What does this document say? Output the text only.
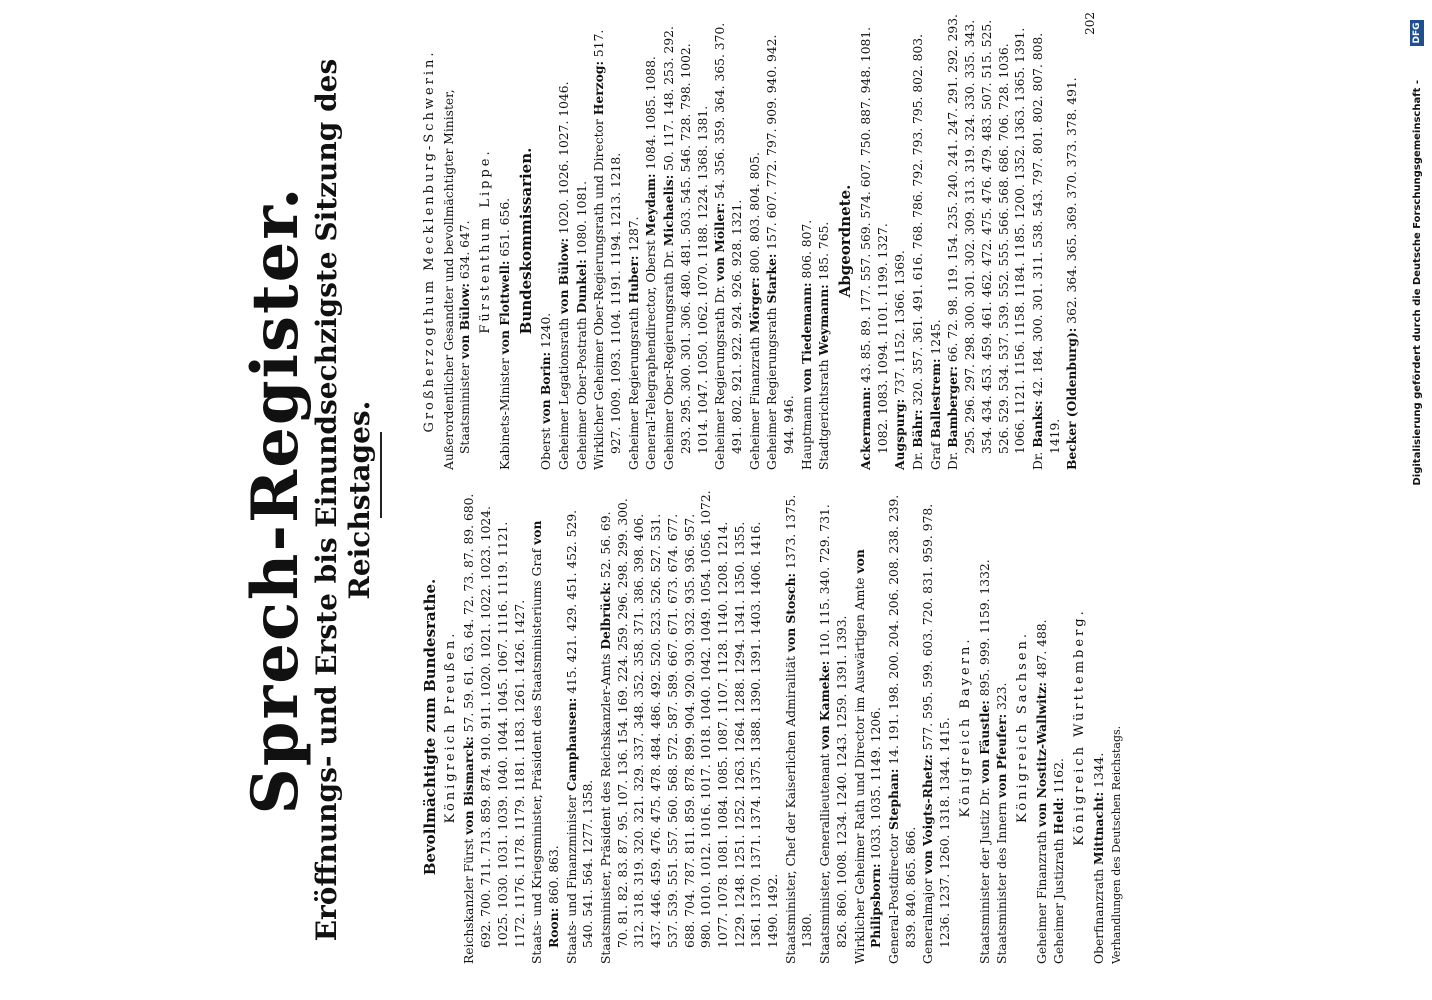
Sprech-Register.
Eröffnungs- und Erste bis Einundsechzigste Sitzung des Reichstages.
Bevollmächtigte zum Bundesrathe. Königreich Preußen.
Reichskanzler Fürst von Bismarck: 57. 59. 61. 63. 64. 72. 73. 87. 89. 680. 692. 700. 711. 713. 859. 874. 910. 911. 1020. 1021. 1022. 1023. 1024. 1025. 1030. 1031. 1039. 1040. 1044. 1045. 1067. 1116. 1119. 1121. 1172. 1176. 1178. 1179. 1181. 1183. 1261. 1426. 1427. Staats- und Kriegsminister, Präsident des Staatsministeriums Graf von Roon: 860. 863. Staats- und Finanzminister Camphausen: 415. 421. 429. 451. 452. 529. 540. 541. 564. 1277. 1358. Staatsminister, Präsident des Reichskanzler-Amts Delbrück: 52. 56. 69. 70. 81. 82. 83. 87. 95. 107. 136. 154. 169. 224. 259. 296. 298. 299. 300. 312. 318. 319. 320. 321. 329. 337. 348. 352. 358. 371. 386. 398. 406. 437. 446. 459. 476. 475. 478. 484. 486. 492. 520. 523. 526. 527. 531. 537. 539. 551. 557. 560. 568. 572. 587. 589. 667. 671. 673. 674. 677. 688. 704. 787. 811. 859. 878. 899. 904. 920. 930. 932. 935. 936. 957. 980. 1010. 1012. 1016. 1017. 1018. 1040. 1042. 1049. 1054. 1056. 1072. 1077. 1078. 1081. 1084. 1085. 1087. 1107. 1128. 1140. 1208. 1214. 1229. 1248. 1251. 1252. 1263. 1264. 1288. 1294. 1341. 1350. 1355. 1361. 1370. 1371. 1374. 1375. 1388. 1390. 1391. 1403. 1406. 1416. 1490. 1492. Staatsminister, Chef der Kaiserlichen Admiralität von Stosch: 1373. 1375. 1380. Staatsminister, Generallieutenant von Kameke: 110. 115. 340. 729. 731. 826. 860. 1008. 1234. 1240. 1243. 1259. 1391. 1393. Wirklicher Geheimer Rath und Director im Auswärtigen Amte von Philipsborn: 1033. 1035. 1149. 1206.
General-Postdirector Stephan: 14. 191. 198. 200. 204. 206. 208. 238. 239. 839. 840. 865. 866. Generalmajor von Voigts-Rhetz: 577. 595. 599. 603. 720. 831. 959. 978. 1236. 1237. 1260. 1318. 1344. 1415. Königreich Bayern.
Staatsminister der Justiz Dr. von Fäustle: 895. 999. 1159. 1332.
Staatsminister des Innern von Pfeufer: 323. Königreich Sachsen.
Geheimer Finanzrath von Nostitz-Wallwitz: 487. 488.
Geheimer Justizrath Held: 1162. Königreich Württemberg.
Oberfinanzrath Mittnacht: 1344. Verhandlungen des Deutschen Reichstags.
Großherzogthum Mecklenburg-Schwerin. Außerordentlicher Gesandter und bevollmächtigter Minister, Staatsminister von Bülow: 634. 647. Fürstenthum Lippe.
Kabinets-Minister von Flottwell: 651. 656. Bundeskommissarien.
Oberst von Borin: 1240. Geheimer Legationsrath von Bülow: 1020. 1026. 1027. 1046.
Geheimer Ober-Postrath Dunkel: 1080. 1081. Wirklicher Geheimer Ober-Regierungsrath und Director Herzog: 517. 927. 1009. 1093. 1104. 1191. 1194. 1213. 1218. Geheimer Regierungsrath Huber: 1287.
General-Telegraphendirector, Oberst Meydam: 1084. 1085. 1088.
Geheimer Ober-Regierungsrath Dr. Michaelis: 50. 117. 148. 253. 292. 293. 295. 300. 301. 306. 480. 481. 503. 545. 546. 728. 798. 1002. 1014. 1047. 1050. 1062. 1070. 1188. 1224. 1368. 1381. Geheimer Regierungsrath Dr. von Möller: 54. 356. 359. 364. 365. 370. 491. 802. 921. 922. 924. 926. 928. 1321. Geheimer Finanzrath Mörger: 800. 803. 804. 805.
Geheimer Regierungsrath Starke: 157. 607. 772. 797. 909. 940. 942. 944. 946. Hauptmann von Tiedemann: 806. 807.
Stadtgerichtsrath Weymann: 185. 765. Abgeordnete.
Ackermann: 43. 85. 89. 177. 557. 569. 574. 607. 750. 887. 948. 1081. 1082. 1083. 1094. 1101. 1199. 1327. Augspurg: 737. 1152. 1366. 1369.
Dr. Bähr: 320. 357. 361. 491. 616. 768. 786. 792. 793. 795. 802. 803.
Graf Ballestrem: 1245.
Dr. Bamberger: 66. 72. 98. 119. 154. 235. 240. 241. 247. 291. 292. 293. 295. 296. 297. 298. 300. 301. 302. 309. 313. 319. 324. 330. 335. 343. 354. 434. 453. 459. 461. 462. 472. 475. 476. 479. 483. 507. 515. 525. 526. 529. 534. 537. 539. 552. 555. 566. 568. 686. 706. 728. 1036. 1066. 1121. 1156. 1158. 1184. 1185. 1200. 1352. 1363. 1365. 1391.
Dr. Banks: 42. 184. 300. 301. 311. 538. 543. 797. 801. 802. 807. 808. 1419. Becker (Oldenburg): 362. 364. 365. 369. 370. 373. 378. 491.
202
Digitalisierung gefördert durch die Deutsche Forschungsgemeinschaft -
DFG
